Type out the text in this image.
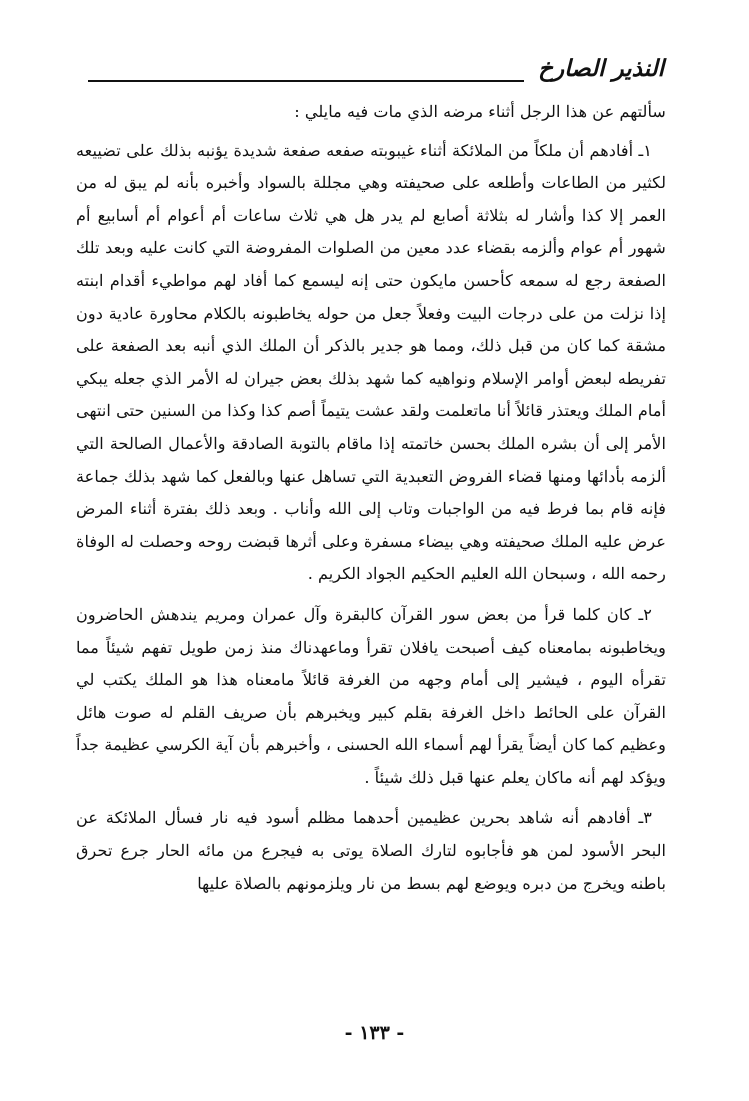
النذير الصارخ

سألتهم عن هذا الرجل أثناء مرضه الذي مات فيه مايلي :

١ـ أفادهم أن ملكاً من الملائكة أثناء غيبوبته صفعه صفعة شديدة يؤنبه بذلك على تضييعه لكثير من الطاعات وأطلعه على صحيفته وهي مجللة بالسواد وأخبره بأنه لم يبق له من العمر إلا كذا وأشار له بثلاثة أصابع لم يدر هل هي ثلاث ساعات أم أعوام أم أسابيع أم شهور أم عوام وألزمه بقضاء عدد معين من الصلوات المفروضة التي كانت عليه وبعد تلك الصفعة رجع له سمعه كأحسن مايكون حتى إنه ليسمع كما أفاد لهم مواطيء أقدام ابنته إذا نزلت من على درجات البيت وفعلاً جعل من حوله يخاطبونه بالكلام محاورة عادية دون مشقة كما كان من قبل ذلك، ومما هو جدير بالذكر أن الملك الذي أنبه بعد الصفعة على تفريطه لبعض أوامر الإسلام ونواهيه كما شهد بذلك بعض جيران له الأمر الذي جعله يبكي أمام الملك ويعتذر قائلاً أنا ماتعلمت ولقد عشت يتيماً أصم كذا وكذا من السنين حتى انتهى الأمر إلى أن بشره الملك بحسن خاتمته إذا ماقام بالتوبة الصادقة والأعمال الصالحة التي ألزمه بأدائها ومنها قضاء الفروض التعبدية التي تساهل عنها وبالفعل كما شهد بذلك جماعة فإنه قام بما فرط فيه من الواجبات وتاب إلى الله وأناب . وبعد ذلك بفترة أثناء المرض عرض عليه الملك صحيفته وهي بيضاء مسفرة وعلى أثرها قبضت روحه وحصلت له الوفاة رحمه الله ، وسبحان الله العليم الحكيم الجواد الكريم .

٢ـ كان كلما قرأ من بعض سور القرآن كالبقرة وآل عمران ومريم يندهش الحاضرون ويخاطبونه بمامعناه كيف أصبحت يافلان تقرأ وماعهدناك منذ زمن طويل تفهم شيئاً مما تقرأه اليوم ، فيشير إلى أمام وجهه من الغرفة قائلاً مامعناه هذا هو الملك يكتب لي القرآن على الحائط داخل الغرفة بقلم كبير ويخبرهم بأن صريف القلم له صوت هائل وعظيم كما كان أيضاً يقرأ لهم أسماء الله الحسنى ، وأخبرهم بأن آية الكرسي عظيمة جداً ويؤكد لهم أنه ماكان يعلم عنها قبل ذلك شيئاً .

٣ـ أفادهم أنه شاهد بحرين عظيمين أحدهما مظلم أسود فيه نار فسأل الملائكة عن البحر الأسود لمن هو فأجابوه لتارك الصلاة يوتى به فيجرع من مائه الحار جرع تحرق باطنه ويخرج من دبره ويوضع لهم بسط من نار ويلزمونهم بالصلاة عليها

- ١٣٣ -
